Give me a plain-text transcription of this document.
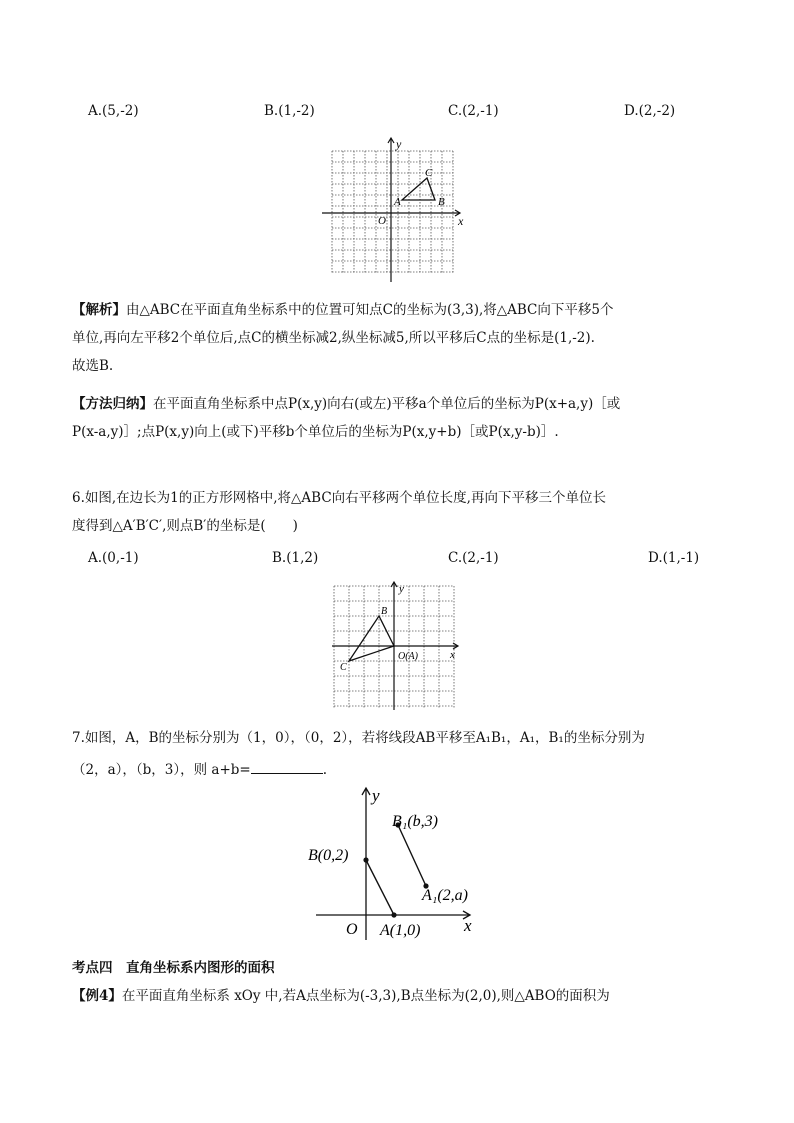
A.(5,-2)	B.(1,-2)	C.(2,-1)	D.(2,-2)
x
y
O
A	B
C
【解析】由△ABC在平面直角坐标系中的位置可知点C的坐标为(3,3),将△ABC向下平移5个
单位,再向左平移2个单位后,点C的横坐标减2,纵坐标减5,所以平移后C点的坐标是(1,-2).
故选B.
【方法归纳】在平面直角坐标系中点P(x,y)向右(或左)平移a个单位后的坐标为P(x+a,y)［或
P(x-a,y)］;点P(x,y)向上(或下)平移b个单位后的坐标为P(x,y+b)［或P(x,y-b)］.
6.如图,在边长为1的正方形网格中,将△ABC向右平移两个单位长度,再向下平移三个单位长
度得到△A′B′C′,则点B′的坐标是(　　)
A.(0,-1)	B.(1,2)	C.(2,-1)	D.(1,-1)
x
y
B
C
O(A)
7.如图，A，B的坐标分别为（1，0），（0，2），若将线段AB平移至A₁B₁，A₁，B₁的坐标分别为
（2，a），（b，3），则 a+b=	.
x
y
O
B(0,2)
A(1,0)
B₁(b,3)
A₁(2,a)
考点四　直角坐标系内图形的面积
【例4】在平面直角坐标系 xOy 中,若A点坐标为(-3,3),B点坐标为(2,0),则△ABO的面积为
